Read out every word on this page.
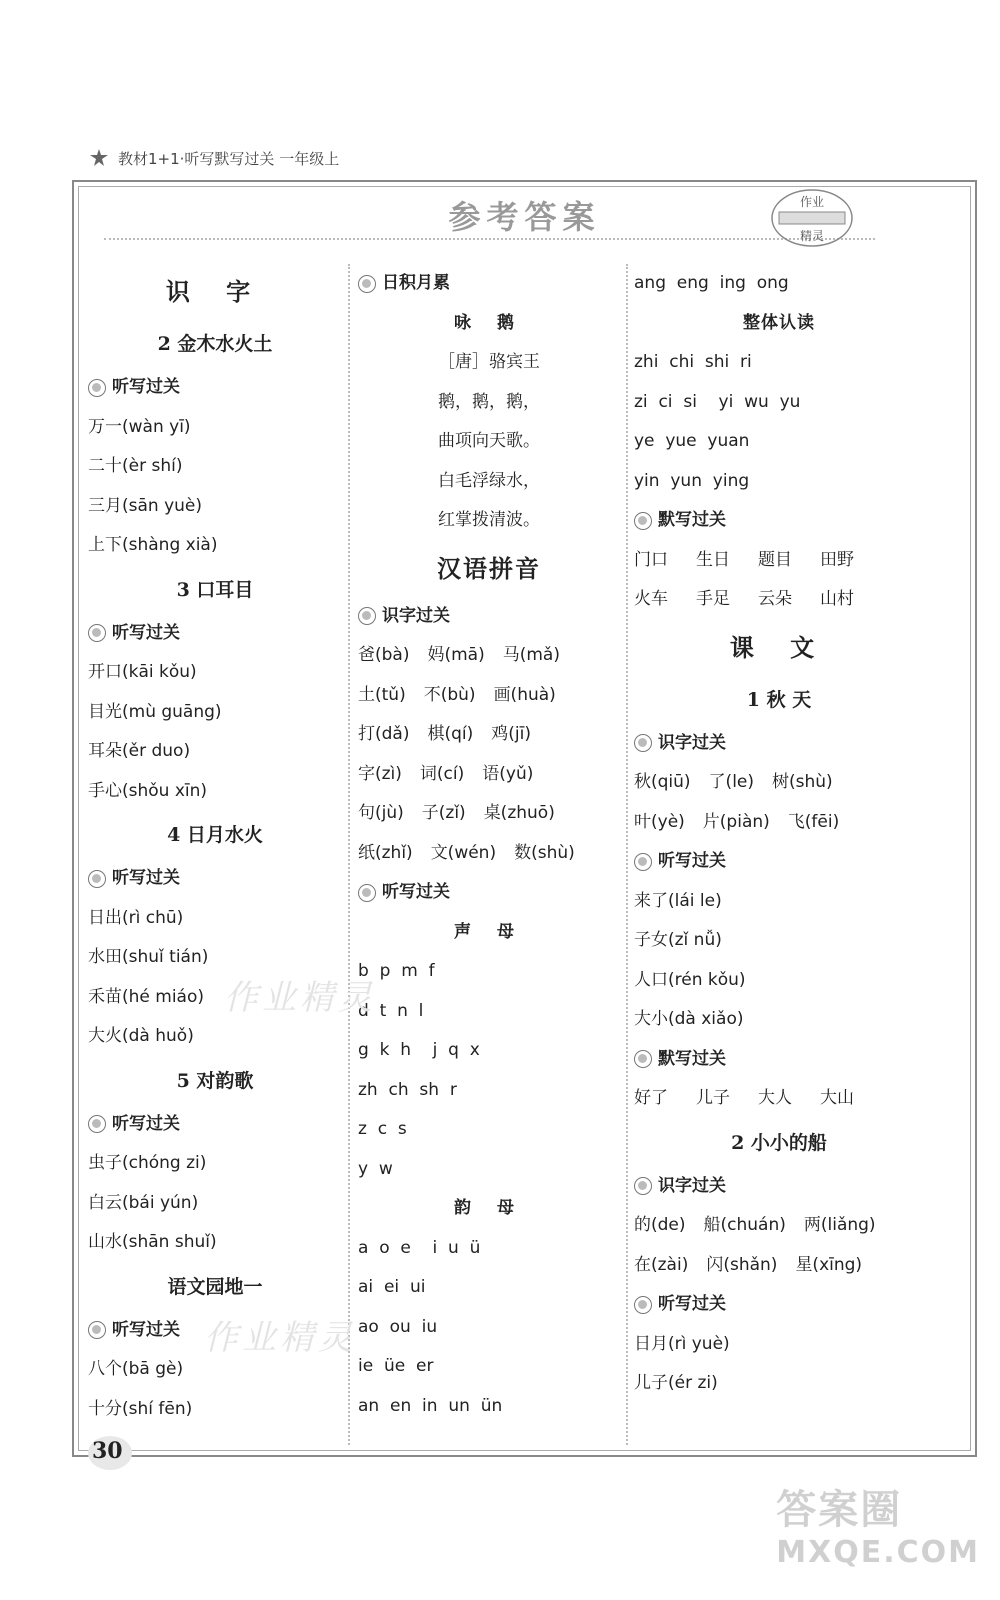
教材1+1·听写默写过关 一年级上
参考答案	作业
精灵
识 字
2 金木水火土
听写过关
万一(wàn yī)
二十(èr shí)
三月(sān yuè)
上下(shàng xià)
3 口耳目
听写过关
开口(kāi kǒu)
目光(mù guāng)
耳朵(ěr duo)
手心(shǒu xīn)
4 日月水火
听写过关
日出(rì chū)
水田(shuǐ tián)
禾苗(hé miáo)
大火(dà huǒ)
5 对韵歌
听写过关
虫子(chóng zi)
白云(bái yún)
山水(shān shuǐ)
语文园地一
听写过关
八个(bā gè)
十分(shí fēn)
日积月累
咏 鹅
［唐］骆宾王
鹅，鹅，鹅，
曲项向天歌。
白毛浮绿水，
红掌拨清波。
汉语拼音
识字过关
爸(bà) 妈(mā) 马(mǎ)
土(tǔ) 不(bù) 画(huà)
打(dǎ) 棋(qí) 鸡(jī)
字(zì) 词(cí) 语(yǔ)
句(jù) 子(zǐ) 桌(zhuō)
纸(zhǐ) 文(wén) 数(shù)
听写过关
声 母
b  p  m  f
d  t  n  l
g  k  h    j  q  x
zh  ch  sh  r
z  c  s
y  w
韵 母
a  o  e    i  u  ü
ai  ei  ui
ao  ou  iu
ie  üe  er
an  en  in  un  ün
ang  eng  ing  ong
整体认读
zhi  chi  shi  ri
zi  ci  si    yi  wu  yu
ye  yue  yuan
yin  yun  ying
默写过关
门口 生日 题目 田野
火车 手足 云朵 山村
课 文
1 秋 天
识字过关
秋(qiū) 了(le) 树(shù)
叶(yè) 片(piàn) 飞(fēi)
听写过关
来了(lái le)
子女(zǐ nǚ)
人口(rén kǒu)
大小(dà xiǎo)
默写过关
好了 儿子 大人 大山
2 小小的船
识字过关
的(de) 船(chuán) 两(liǎng)
在(zài) 闪(shǎn) 星(xīng)
听写过关
日月(rì yuè)
儿子(ér zi)
作业精灵
作业精灵
30
答案圈
MXQE.COM
